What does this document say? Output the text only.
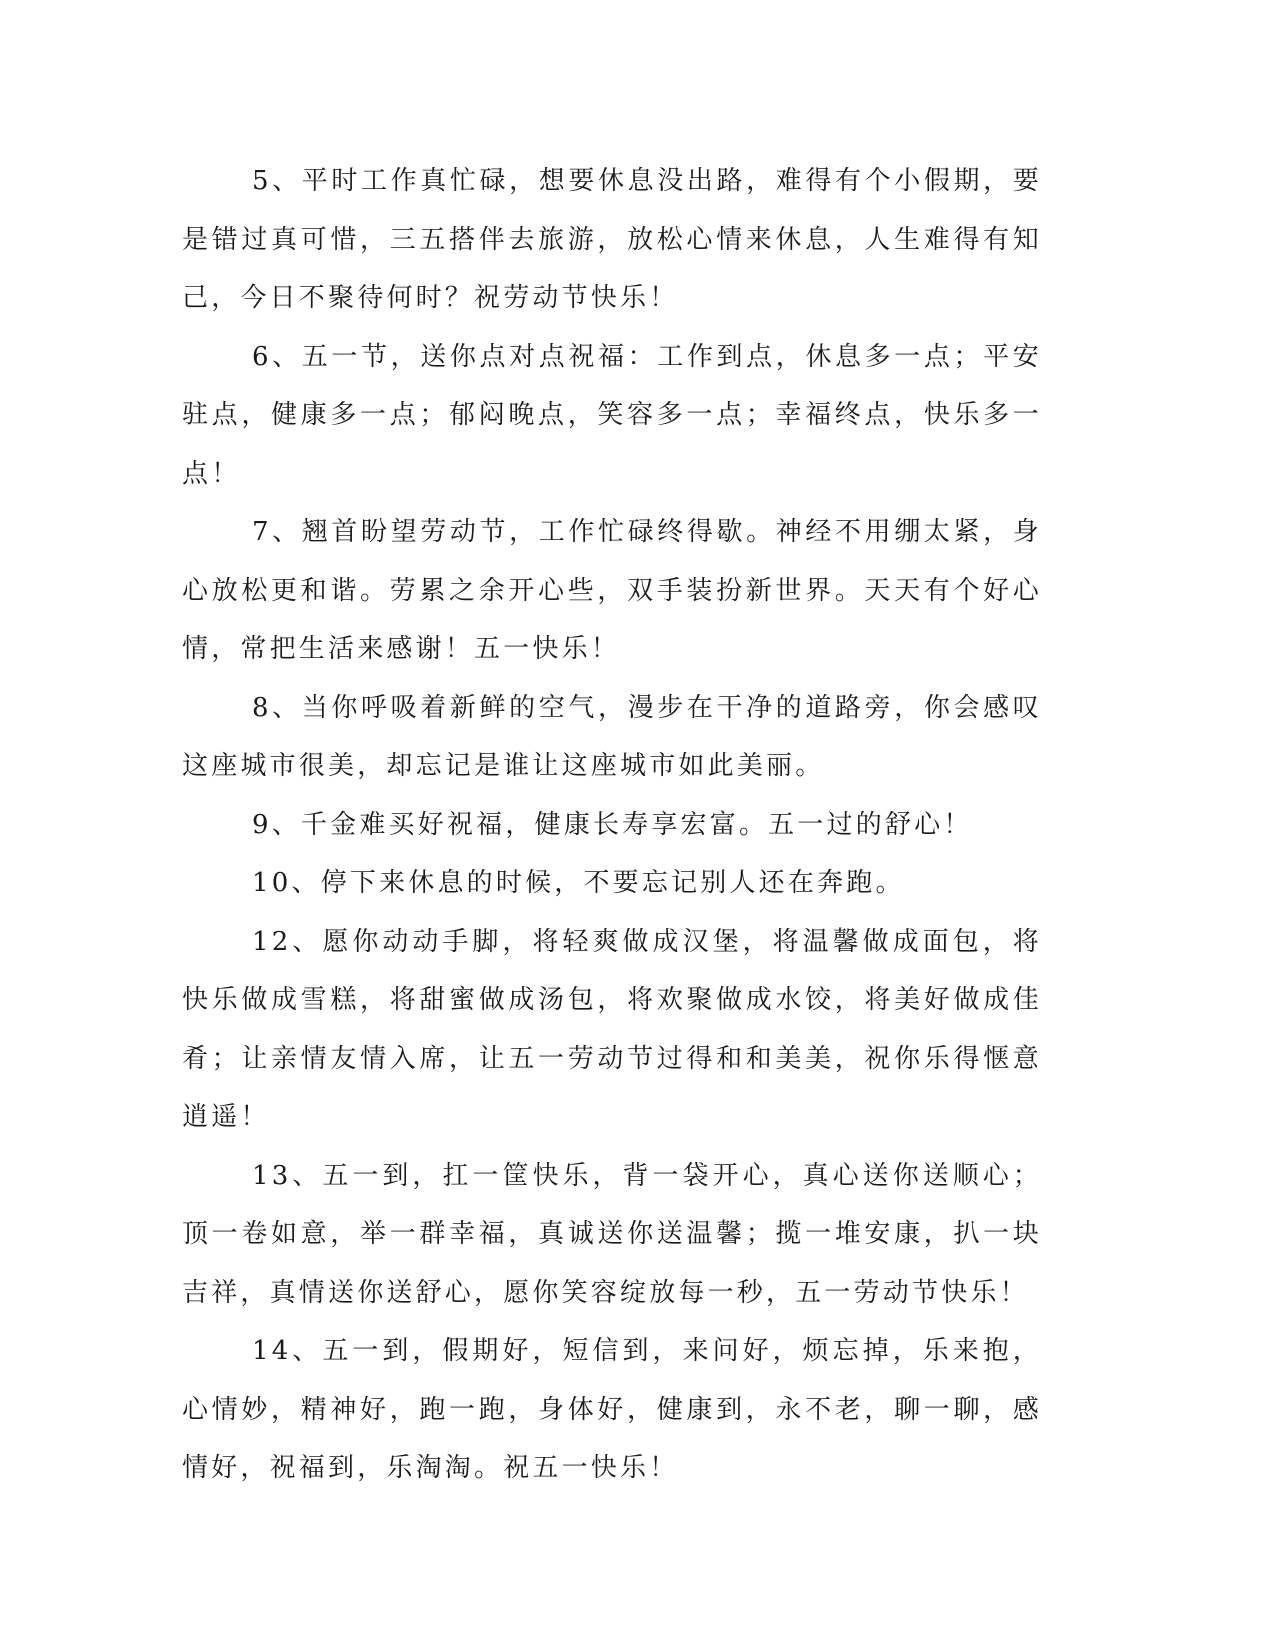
5、平时工作真忙碌，想要休息没出路，难得有个小假期，要是错过真可惜，三五搭伴去旅游，放松心情来休息，人生难得有知己，今日不聚待何时？祝劳动节快乐！

6、五一节，送你点对点祝福：工作到点，休息多一点；平安驻点，健康多一点；郁闷晚点，笑容多一点；幸福终点，快乐多一点！

7、翘首盼望劳动节，工作忙碌终得歇。神经不用绷太紧，身心放松更和谐。劳累之余开心些，双手装扮新世界。天天有个好心情，常把生活来感谢！五一快乐！

8、当你呼吸着新鲜的空气，漫步在干净的道路旁，你会感叹这座城市很美，却忘记是谁让这座城市如此美丽。

9、千金难买好祝福，健康长寿享宏富。五一过的舒心！

10、停下来休息的时候，不要忘记别人还在奔跑。

12、愿你动动手脚，将轻爽做成汉堡，将温馨做成面包，将快乐做成雪糕，将甜蜜做成汤包，将欢聚做成水饺，将美好做成佳肴；让亲情友情入席，让五一劳动节过得和和美美，祝你乐得惬意逍遥！

13、五一到，扛一筐快乐，背一袋开心，真心送你送顺心；顶一卷如意，举一群幸福，真诚送你送温馨；揽一堆安康，扒一块吉祥，真情送你送舒心，愿你笑容绽放每一秒，五一劳动节快乐！

14、五一到，假期好，短信到，来问好，烦忘掉，乐来抱，心情妙，精神好，跑一跑，身体好，健康到，永不老，聊一聊，感情好，祝福到，乐淘淘。祝五一快乐！
